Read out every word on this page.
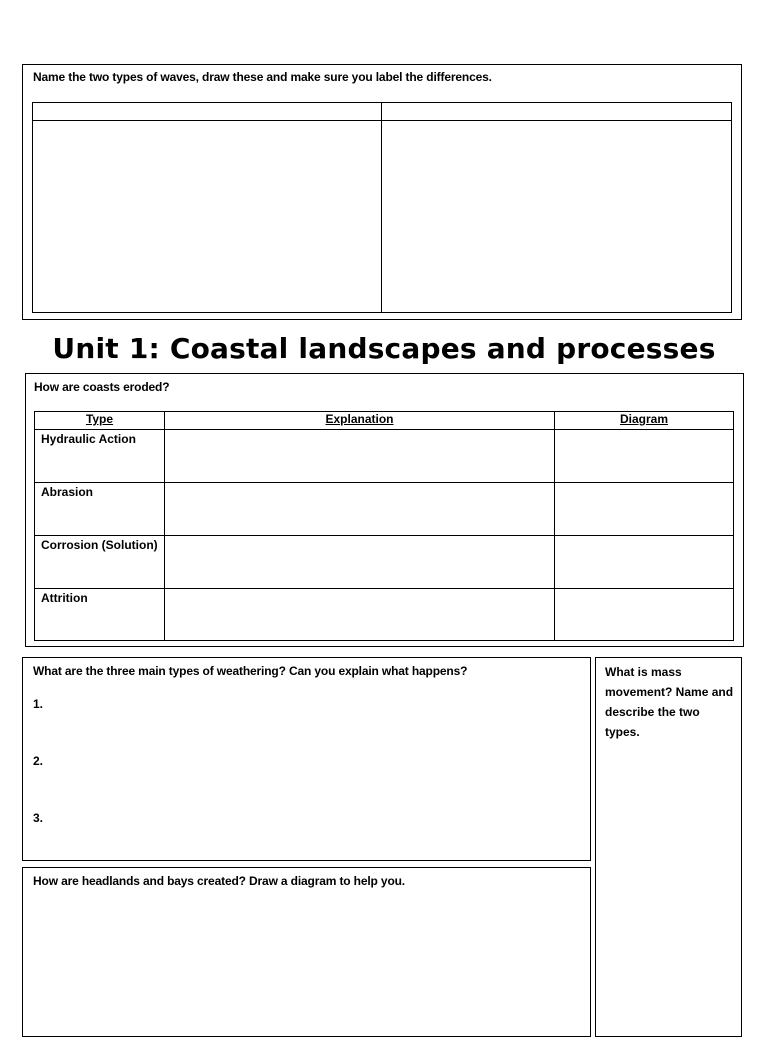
Name the two types of waves, draw these and make sure you label the differences.
Unit 1: Coastal landscapes and processes
How are coasts eroded?
Type	Explanation	Diagram
Hydraulic Action
Abrasion
Corrosion (Solution)
Attrition
What are the three main types of weathering? Can you explain what happens?
1.
2.
3.
What is mass movement? Name and describe the two types.
How are headlands and bays created? Draw a diagram to help you.
